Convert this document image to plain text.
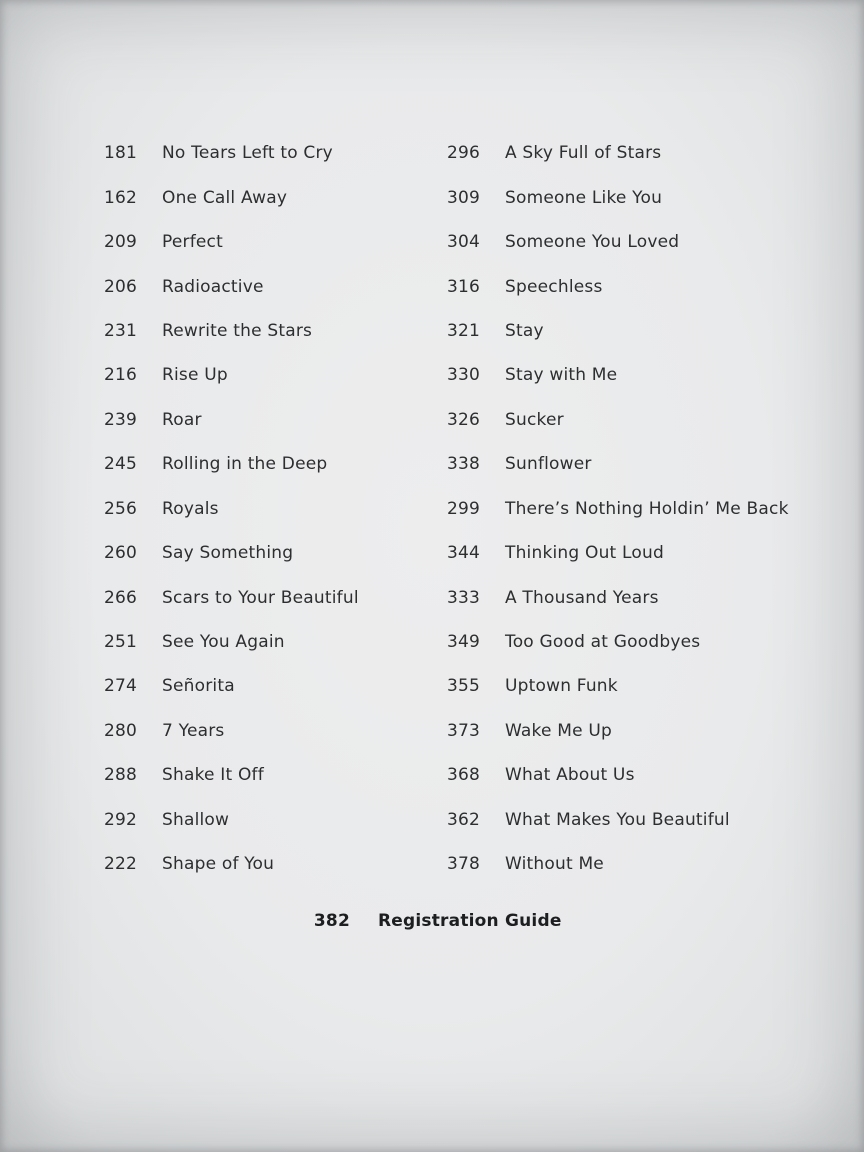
181 No Tears Left to Cry
162 One Call Away
209 Perfect
206 Radioactive
231 Rewrite the Stars
216 Rise Up
239 Roar
245 Rolling in the Deep
256 Royals
260 Say Something
266 Scars to Your Beautiful
251 See You Again
274 Señorita
280 7 Years
288 Shake It Off
292 Shallow
222 Shape of You
296 A Sky Full of Stars
309 Someone Like You
304 Someone You Loved
316 Speechless
321 Stay
330 Stay with Me
326 Sucker
338 Sunflower
299 There’s Nothing Holdin’ Me Back
344 Thinking Out Loud
333 A Thousand Years
349 Too Good at Goodbyes
355 Uptown Funk
373 Wake Me Up
368 What About Us
362 What Makes You Beautiful
378 Without Me
382 Registration Guide
